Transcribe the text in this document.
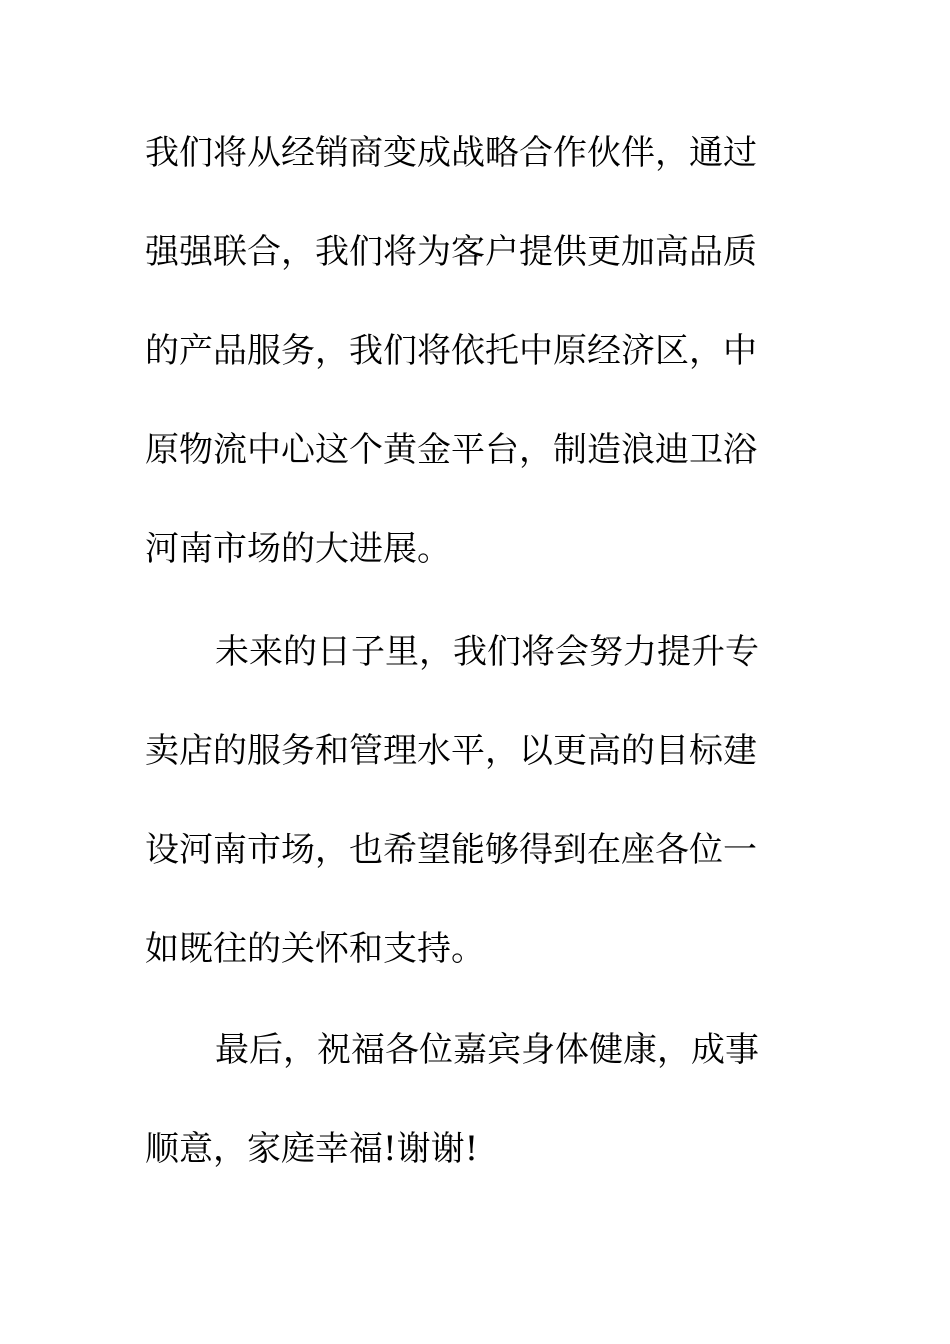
我们将从经销商变成战略合作伙伴，通过
强强联合，我们将为客户提供更加高品质
的产品服务，我们将依托中原经济区，中
原物流中心这个黄金平台，制造浪迪卫浴
河南市场的大进展。
未来的日子里，我们将会努力提升专
卖店的服务和管理水平，以更高的目标建
设河南市场，也希望能够得到在座各位一
如既往的关怀和支持。
最后，祝福各位嘉宾身体健康，成事
顺意，家庭幸福!谢谢!
